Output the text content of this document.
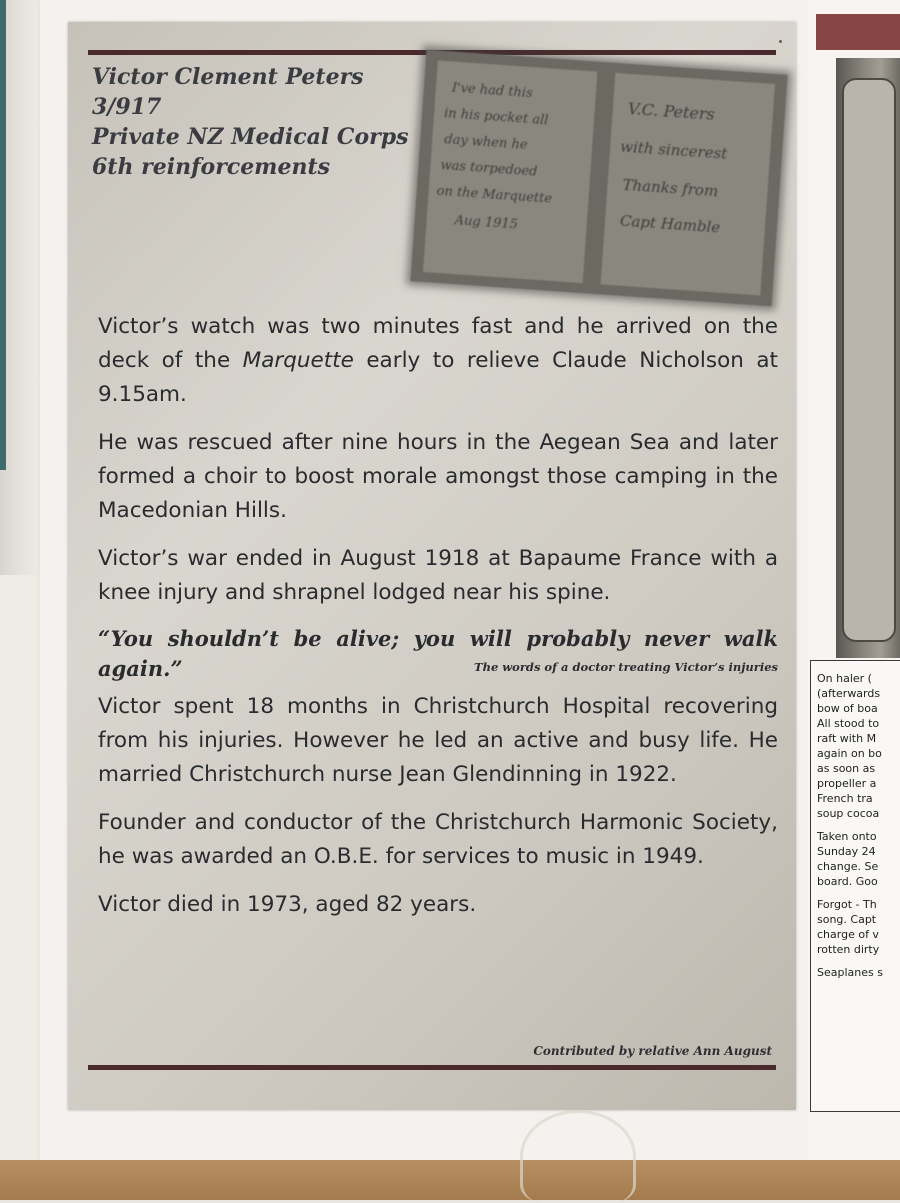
Victor Clement Peters
3/917
Private NZ Medical Corps
6th reinforcements
I've had this
in his pocket all
day when he
was torpedoed
on the Marquette
Aug 1915
V.C. Peters
with sincerest
Thanks from
Capt Hamble

Victor’s watch was two minutes fast and he arrived on the deck of the Marquette early to relieve Claude Nicholson at 9.15am.

He was rescued after nine hours in the Aegean Sea and later formed a choir to boost morale amongst those camping in the Macedonian Hills.

Victor’s war ended in August 1918 at Bapaume France with a knee injury and shrapnel lodged near his spine.

“You shouldn’t be alive; you will probably never walk again.”	The words of a doctor treating Victor’s injuries

Victor spent 18 months in Christchurch Hospital recovering from his injuries. However he led an active and busy life. He married Christchurch nurse Jean Glendinning in 1922.

Founder and conductor of the Christchurch Harmonic Society, he was awarded an O.B.E. for services to music in 1949.

Victor died in 1973, aged 82 years.

Contributed by relative Ann August
On haler (
(afterwards
bow of boa
All stood to
raft with M
again on bo
as soon as
propeller a
French tra
soup cocoa
Taken onto
Sunday 24
change. Se
board. Goo
Forgot - Th
song. Capt
charge of v
rotten dirty
Seaplanes s
